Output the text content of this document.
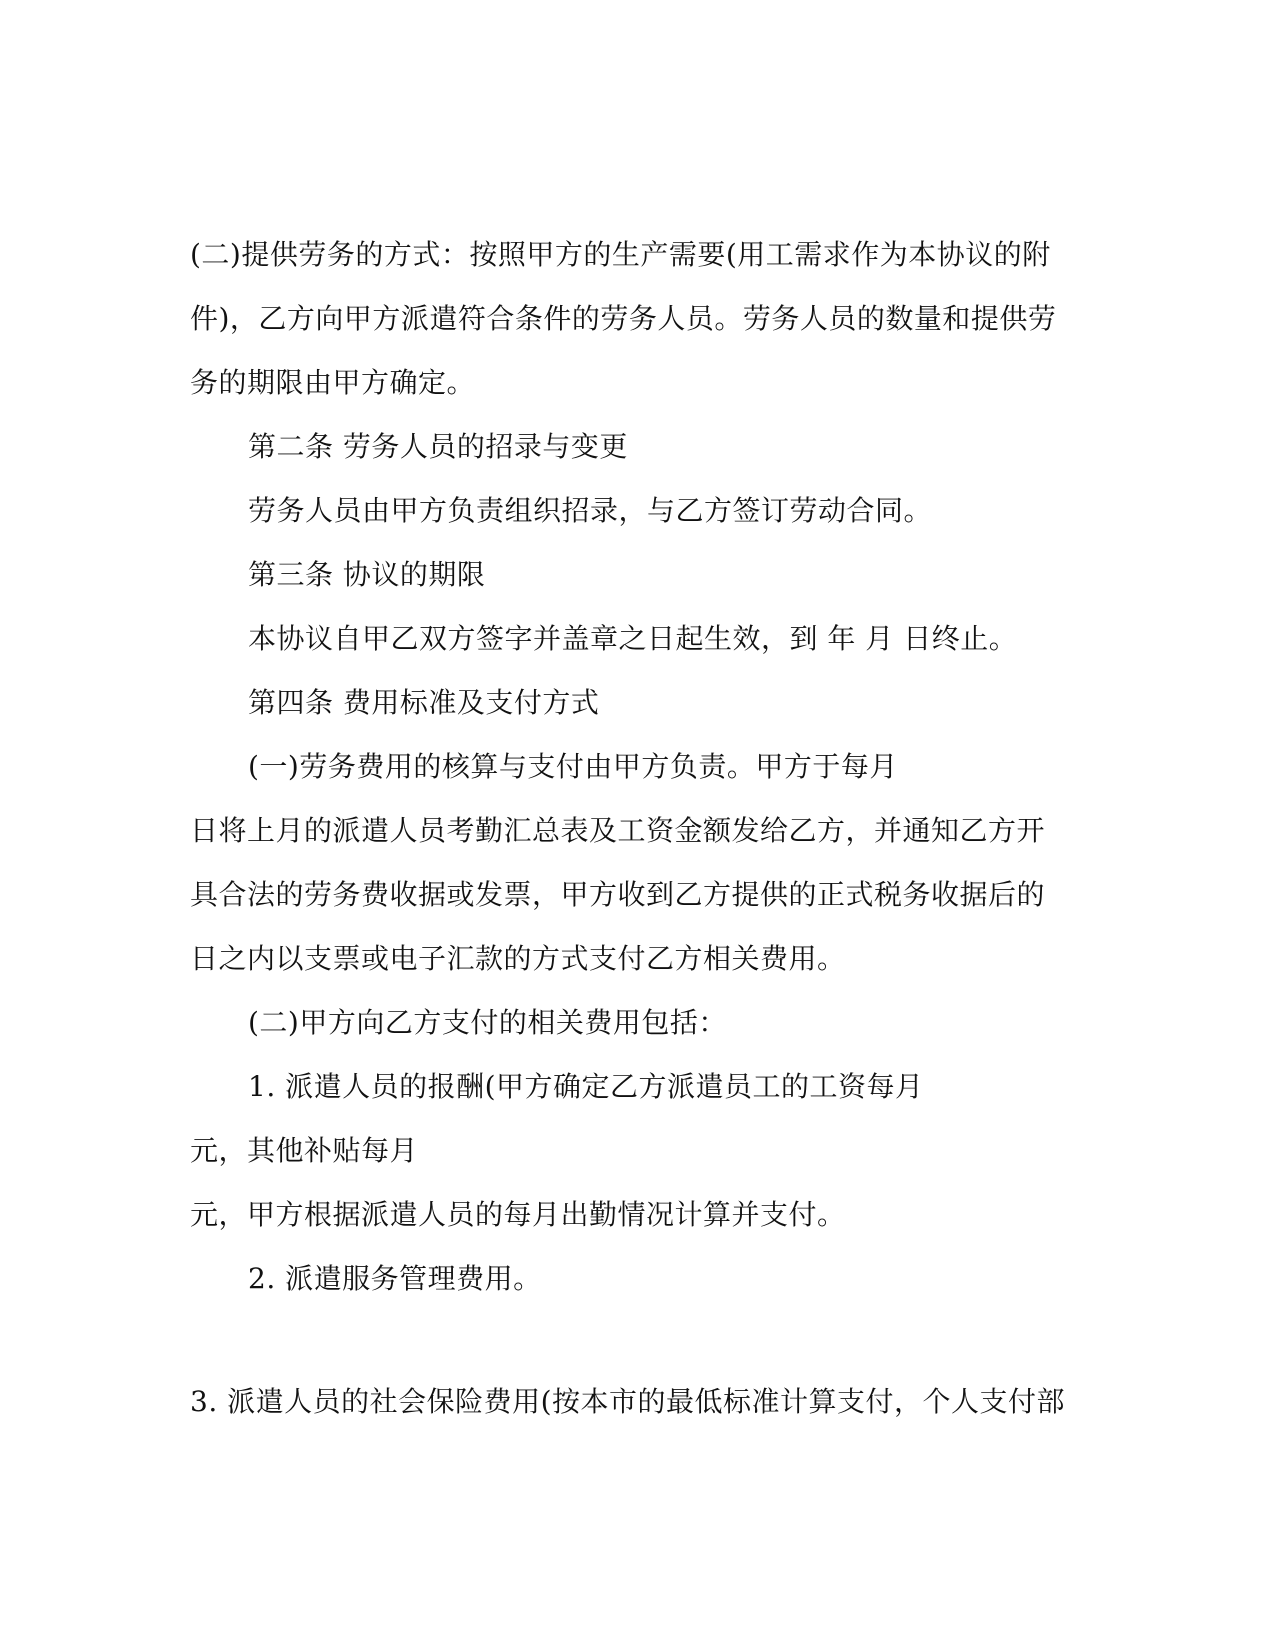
(二)提供劳务的方式：按照甲方的生产需要(用工需求作为本协议的附
件)，乙方向甲方派遣符合条件的劳务人员。劳务人员的数量和提供劳
务的期限由甲方确定。
第二条 劳务人员的招录与变更
劳务人员由甲方负责组织招录，与乙方签订劳动合同。
第三条 协议的期限
本协议自甲乙双方签字并盖章之日起生效，到 年 月 日终止。
第四条 费用标准及支付方式
(一)劳务费用的核算与支付由甲方负责。甲方于每月
日将上月的派遣人员考勤汇总表及工资金额发给乙方，并通知乙方开
具合法的劳务费收据或发票，甲方收到乙方提供的正式税务收据后的
日之内以支票或电子汇款的方式支付乙方相关费用。
(二)甲方向乙方支付的相关费用包括：
1. 派遣人员的报酬(甲方确定乙方派遣员工的工资每月
元，其他补贴每月
元，甲方根据派遣人员的每月出勤情况计算并支付。
2. 派遣服务管理费用。
3. 派遣人员的社会保险费用(按本市的最低标准计算支付，个人支付部
